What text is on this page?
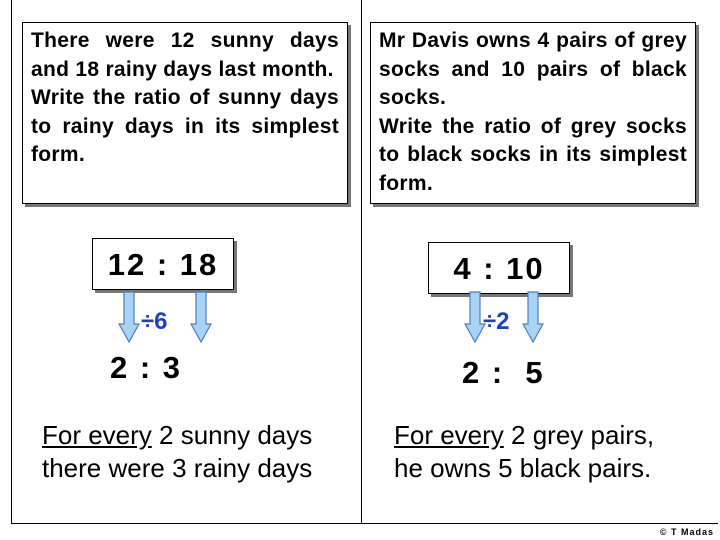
There were 12 sunny days and 18 rainy days last month.

Write the ratio of sunny days to rainy days in its simplest form.

12 : 18
÷6
2 : 3
For every 2 sunny days
there were 3 rainy days

Mr Davis owns 4 pairs of grey socks and 10 pairs of black socks.

Write the ratio of grey socks to black socks in its simplest form.

4 : 10
÷2
2 :  5
For every 2 grey pairs,
he owns 5 black pairs.
© T Madas
